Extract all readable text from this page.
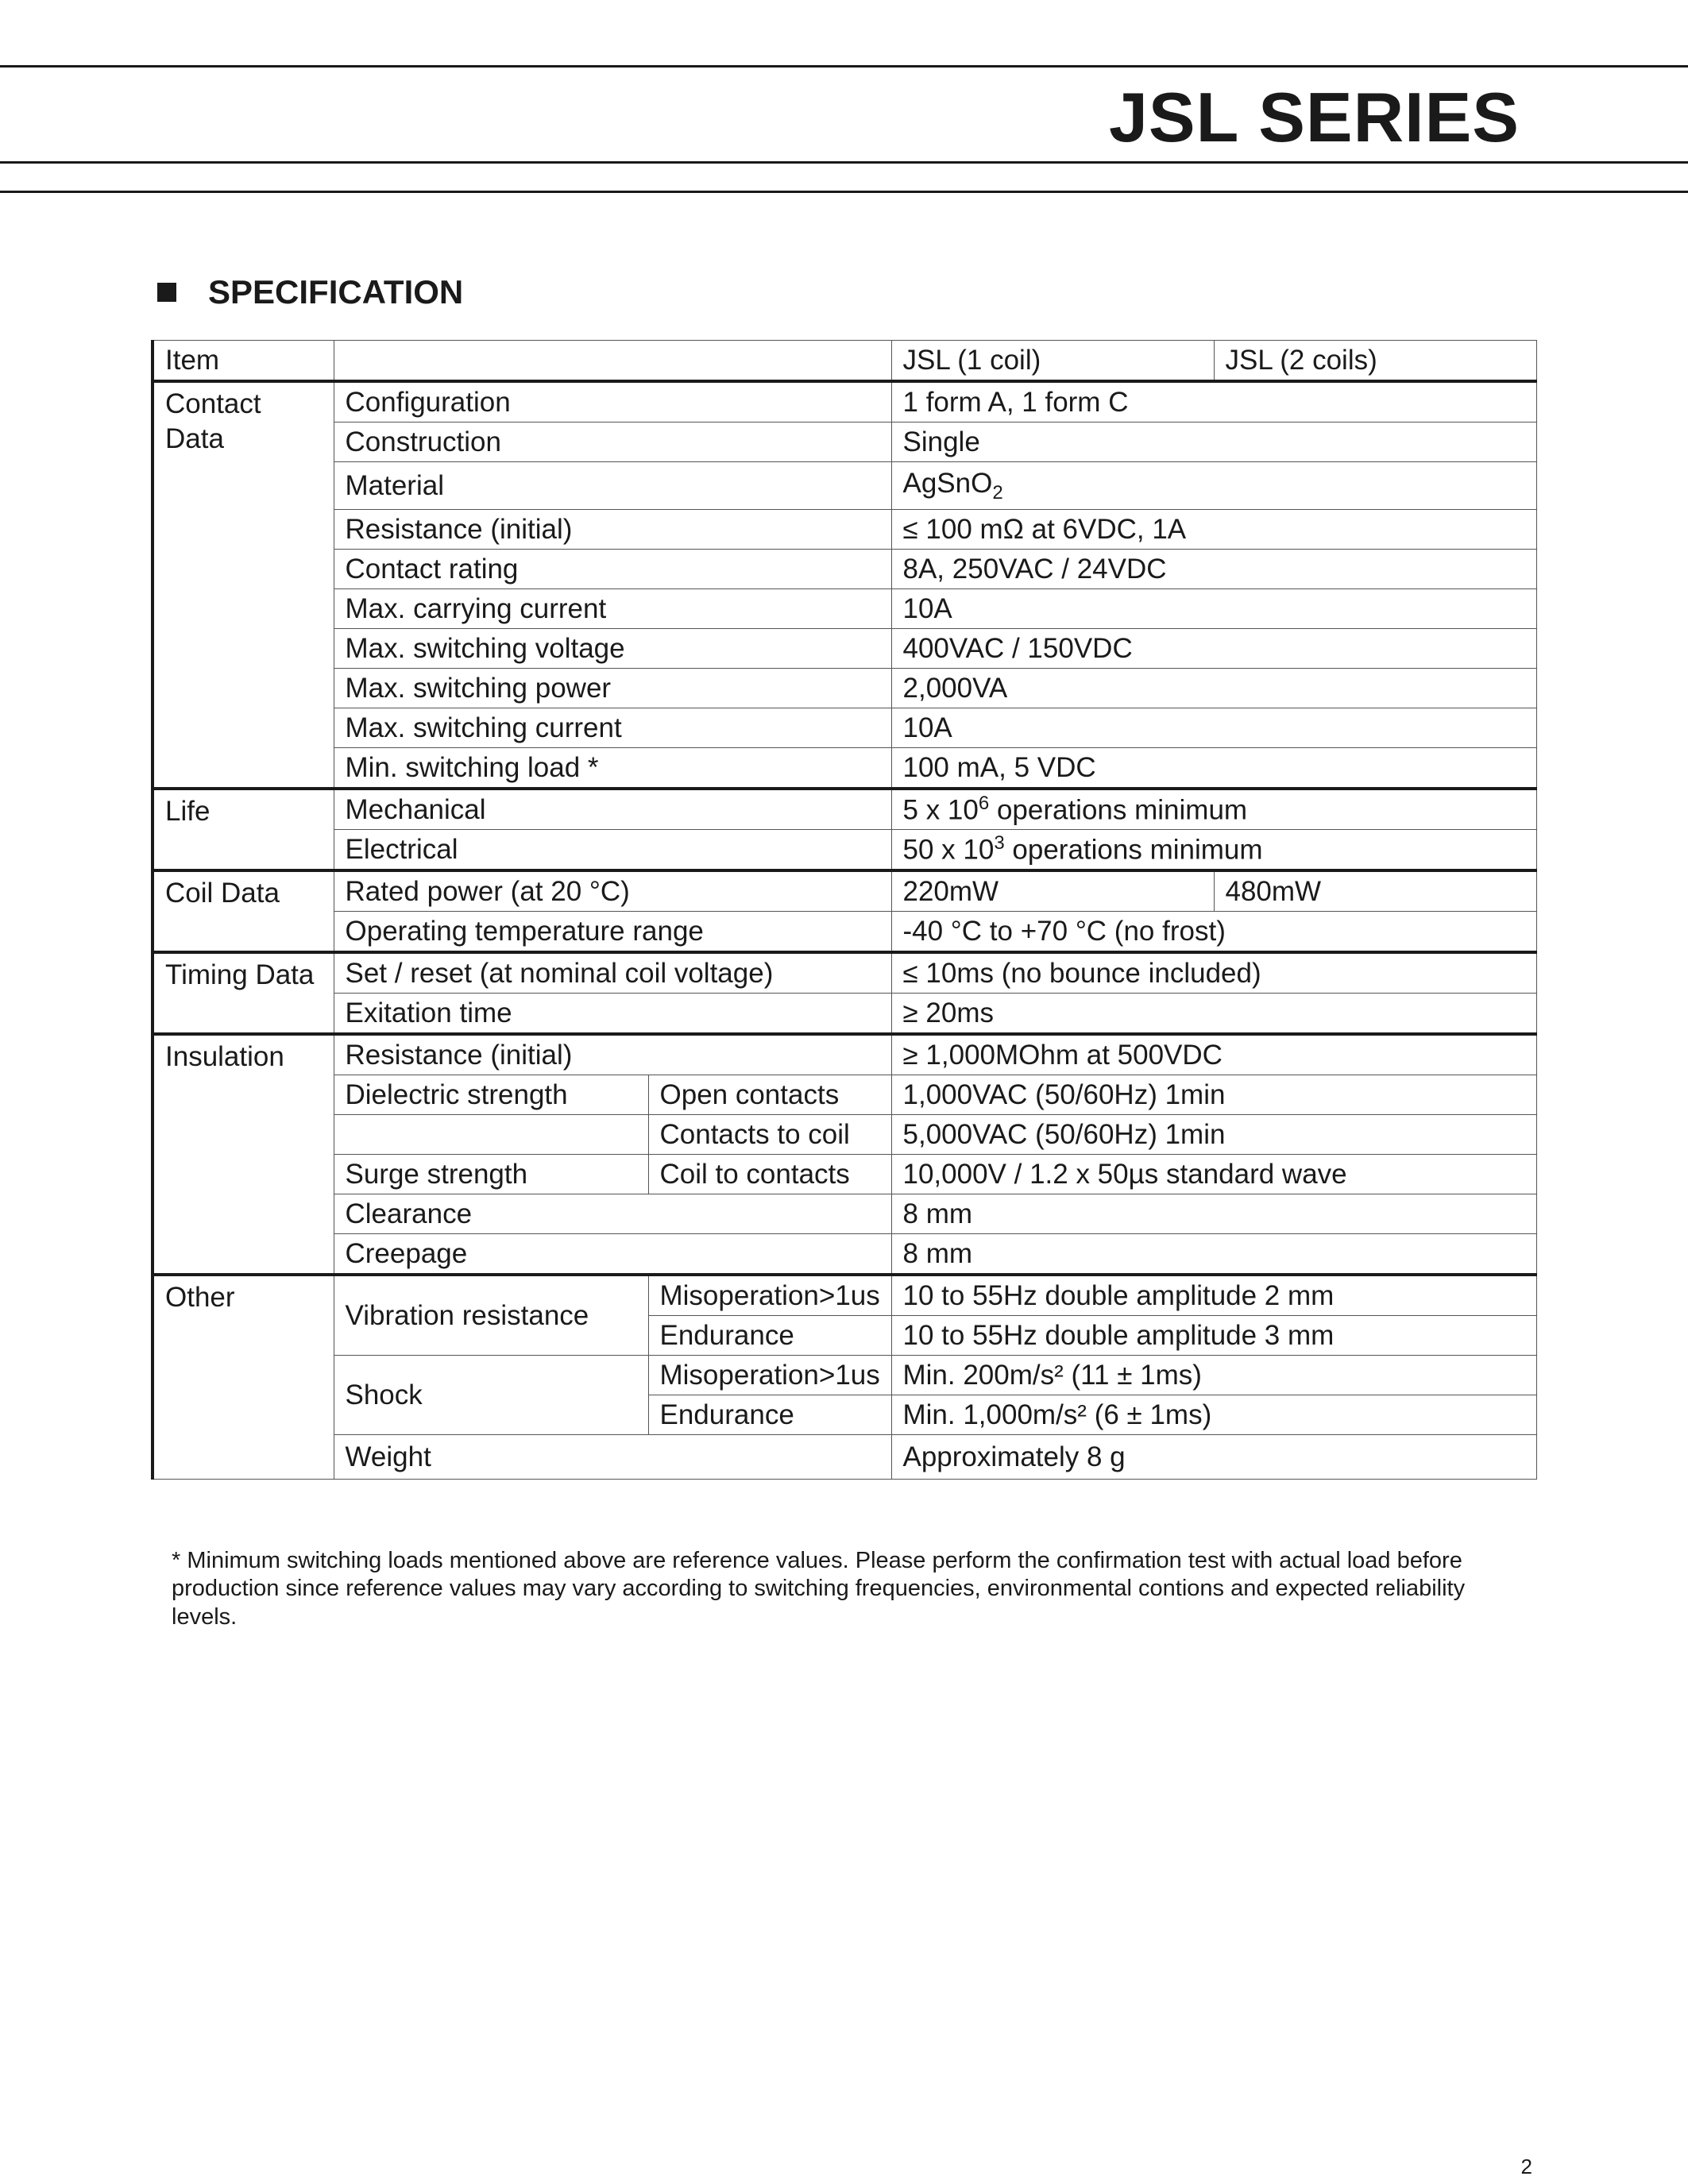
JSL SERIES
SPECIFICATION
Item			JSL (1 coil)	JSL (2 coils)
Contact Data	Configuration		1 form A, 1 form C	
	Construction		Single	
	Material		AgSnO$_2$
	Resistance (initial)		≤ 100 mΩ at 6VDC, 1A	
	Contact rating		8A, 250VAC / 24VDC	
	Max. carrying current		10A	
	Max. switching voltage		400VAC / 150VDC	
	Max. switching power		2,000VA	
	Max. switching current		10A	
	Min. switching load *		100 mA, 5 VDC	
Life	Mechanical		5 x $10^6$ operations minimum	
	Electrical		50 x $10^3$ operations minimum	
Coil Data	Rated power (at 20 °C)		220mW	480mW
	Operating temperature range		-40 °C to +70 °C (no frost)	
Timing Data	Set / reset (at nominal coil voltage)		≤ 10ms (no bounce included)	
	Exitation time		≥ 20ms	
Insulation	Resistance (initial)		≥ 1,000MOhm at 500VDC	
	Dielectric strength	Open contacts	1,000VAC (50/60Hz) 1min	
		Contacts to coil	5,000VAC (50/60Hz) 1min	
	Surge strength	Coil to contacts	10,000V / 1.2 x 50µs standard wave	
	Clearance		8 mm	
	Creepage		8 mm	
Other	Vibration resistance	Misoperation>1us	10 to 55Hz double amplitude 2 mm	
		Endurance	10 to 55Hz double amplitude 3 mm	
	Shock	Misoperation>1us	Min. 200m/s² (11 ± 1ms)	
		Endurance	Min. 1,000m/s² (6 ± 1ms)	
	Weight		Approximately 8 g	

* Minimum switching loads mentioned above are reference values. Please perform the confirmation test with actual load before production since reference values may vary according to switching frequencies, environmental contions and expected reliability levels.

2
